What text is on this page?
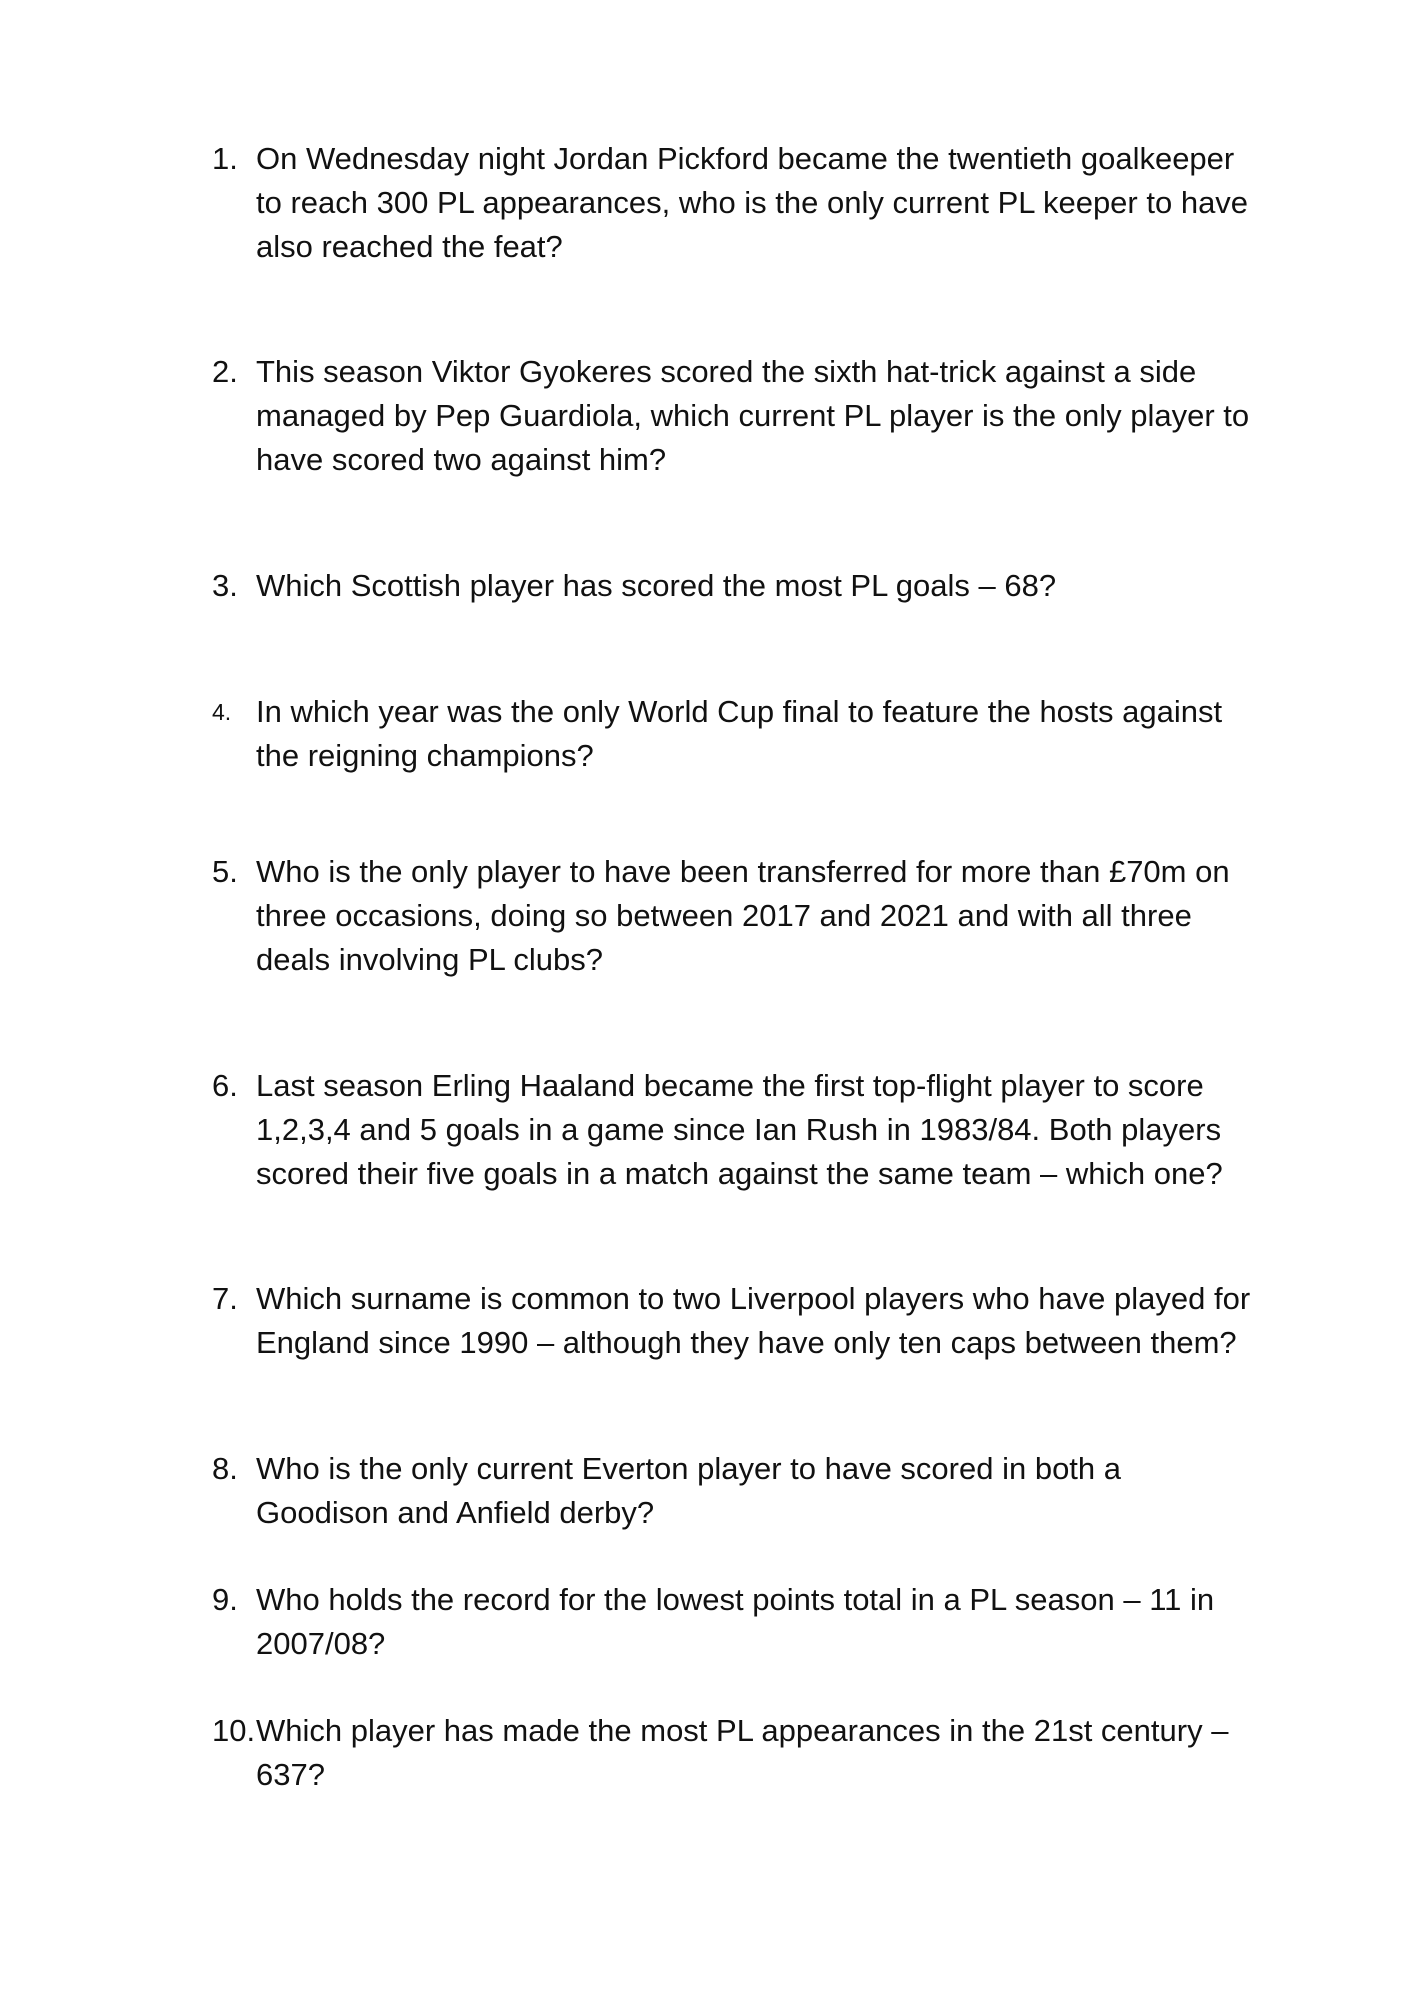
1. On Wednesday night Jordan Pickford became the twentieth goalkeeper
to reach 300 PL appearances, who is the only current PL keeper to have
also reached the feat?
2. This season Viktor Gyokeres scored the sixth hat-trick against a side
managed by Pep Guardiola, which current PL player is the only player to
have scored two against him?
3. Which Scottish player has scored the most PL goals – 68?
4. In which year was the only World Cup final to feature the hosts against
the reigning champions?
5. Who is the only player to have been transferred for more than £70m on
three occasions, doing so between 2017 and 2021 and with all three
deals involving PL clubs?
6. Last season Erling Haaland became the first top-flight player to score
1,2,3,4 and 5 goals in a game since Ian Rush in 1983/84. Both players
scored their five goals in a match against the same team – which one?
7. Which surname is common to two Liverpool players who have played for
England since 1990 – although they have only ten caps between them?
8. Who is the only current Everton player to have scored in both a
Goodison and Anfield derby?
9. Who holds the record for the lowest points total in a PL season – 11 in
2007/08?
10. Which player has made the most PL appearances in the 21st century –
637?
